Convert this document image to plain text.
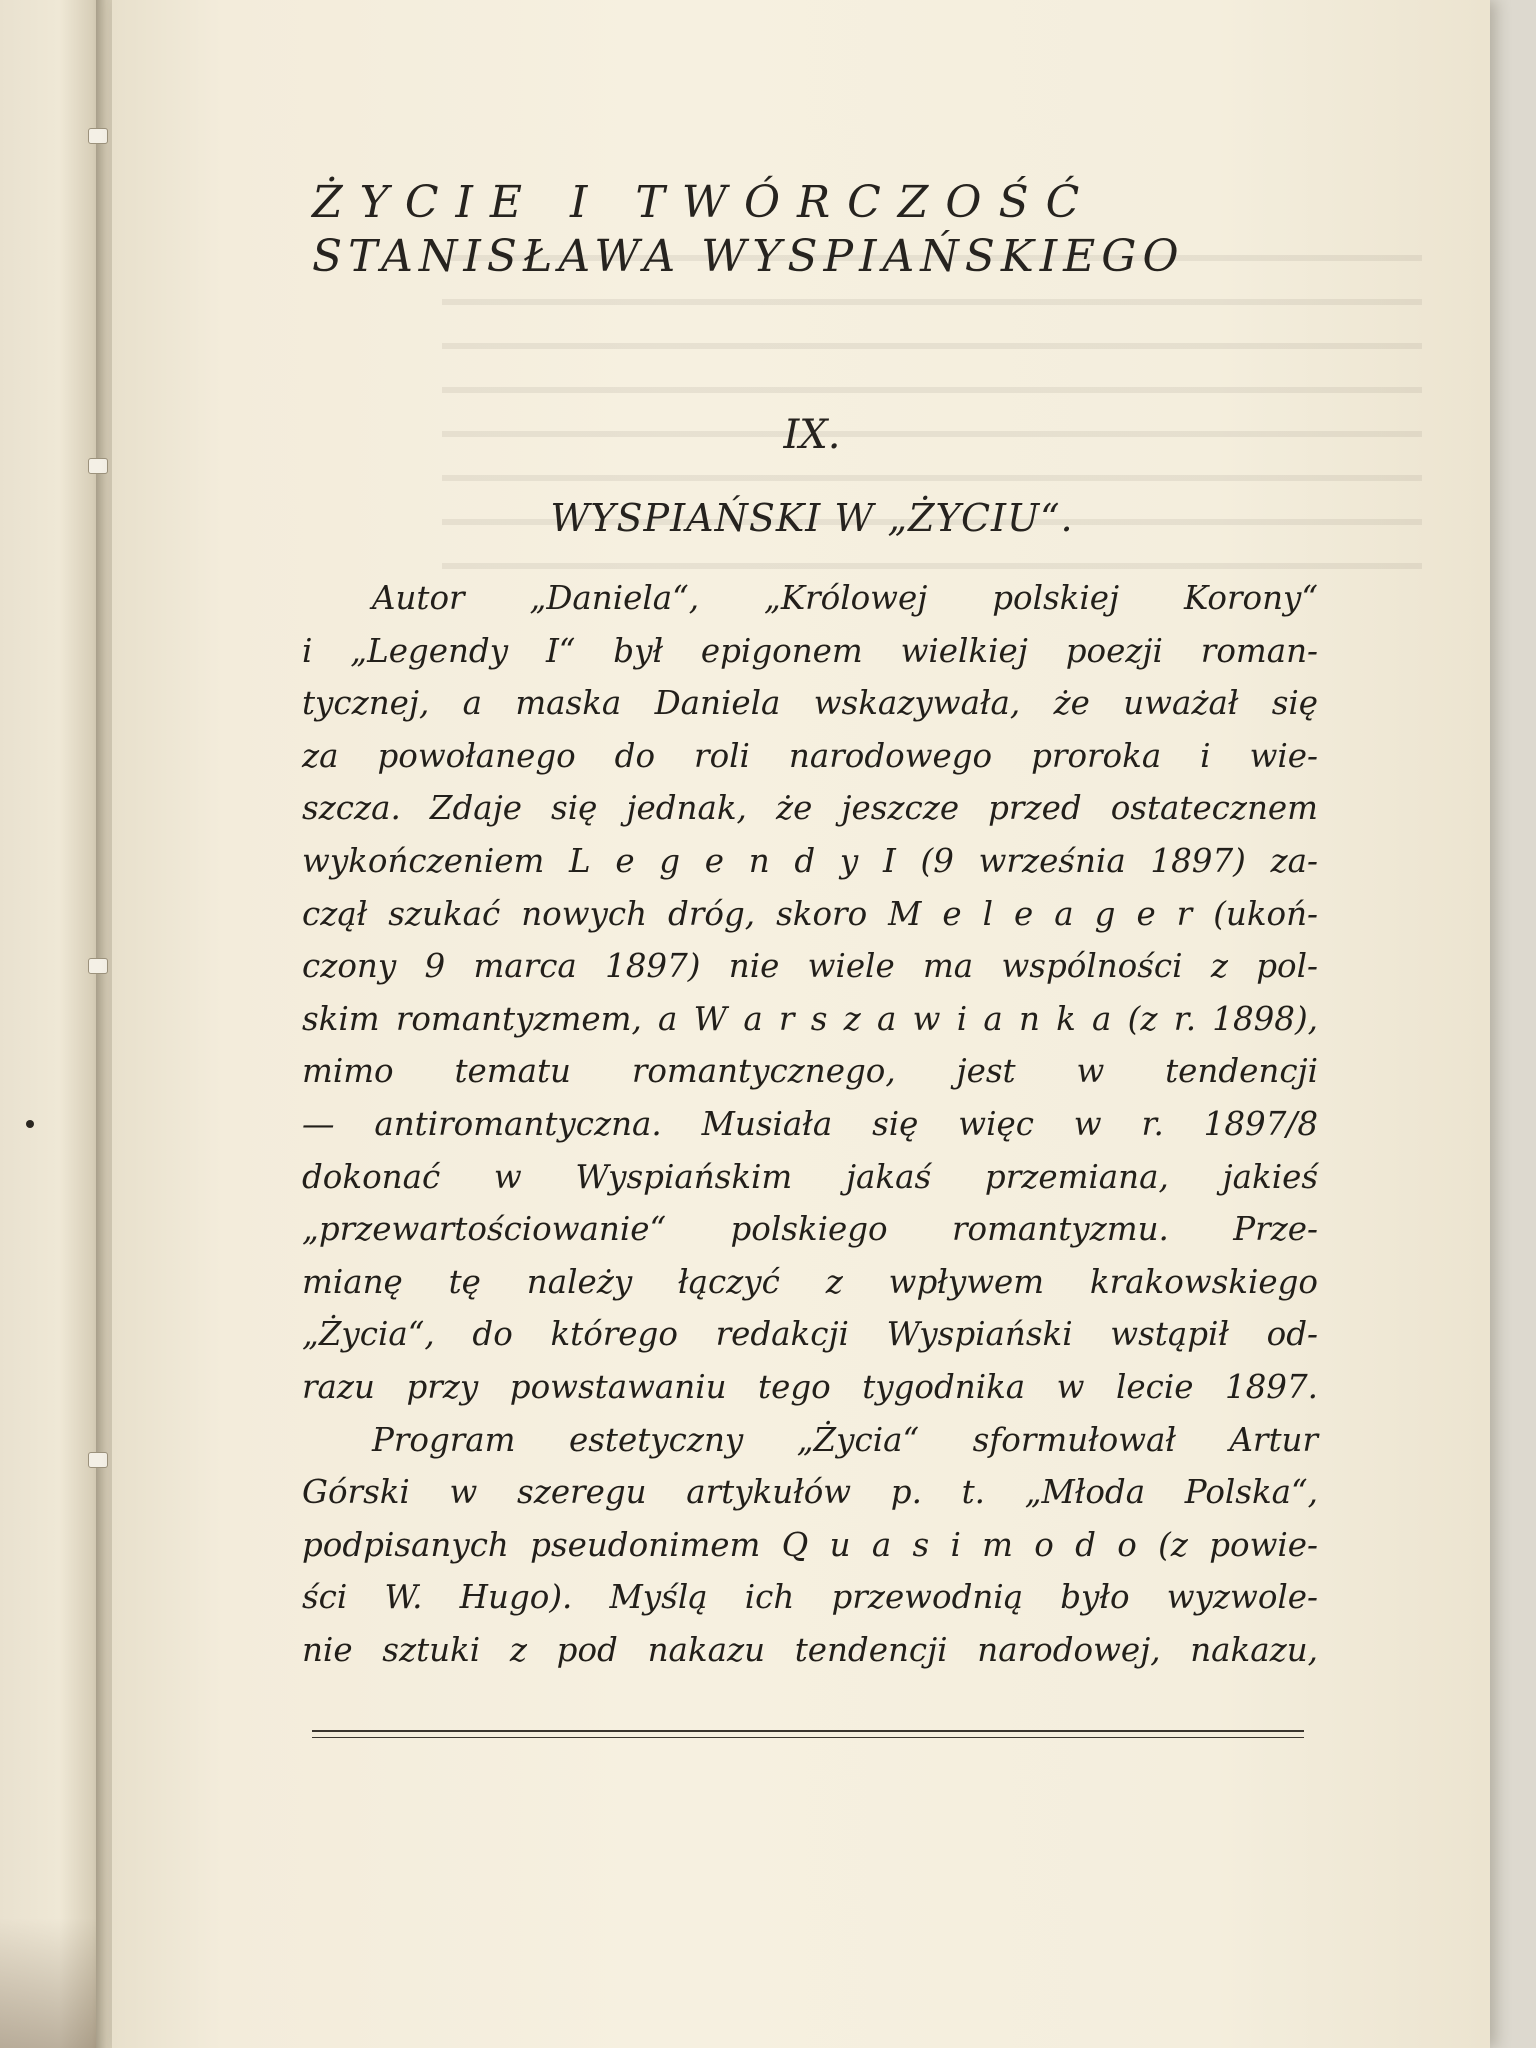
ŻYCIE I TWÓRCZOŚĆ
STANISŁAWA WYSPIAŃSKIEGO
IX.
WYSPIAŃSKI W „ŻYCIU“.
Autor „Daniela“, „Królowej polskiej Korony“
i „Legendy I“ był epigonem wielkiej poezji roman-
tycznej, a maska Daniela wskazywała, że uważał się
za powołanego do roli narodowego proroka i wie-
szcza. Zdaje się jednak, że jeszcze przed ostatecznem
wykończeniem L e g e n d y I (9 września 1897) za-
czął szukać nowych dróg, skoro M e l e a g e r (ukoń-
czony 9 marca 1897) nie wiele ma wspólności z pol-
skim romantyzmem, a W a r s z a w i a n k a (z r. 1898),
mimo tematu romantycznego, jest w tendencji
— antiromantyczna. Musiała się więc w r. 1897/8
dokonać w Wyspiańskim jakaś przemiana, jakieś
„przewartościowanie“ polskiego romantyzmu. Prze-
mianę tę należy łączyć z wpływem krakowskiego
„Życia“, do którego redakcji Wyspiański wstąpił od-
razu przy powstawaniu tego tygodnika w lecie 1897.
Program estetyczny „Życia“ sformułował Artur
Górski w szeregu artykułów p. t. „Młoda Polska“,
podpisanych pseudonimem Q u a s i m o d o (z powie-
ści W. Hugo). Myślą ich przewodnią było wyzwole-
nie sztuki z pod nakazu tendencji narodowej, nakazu,
